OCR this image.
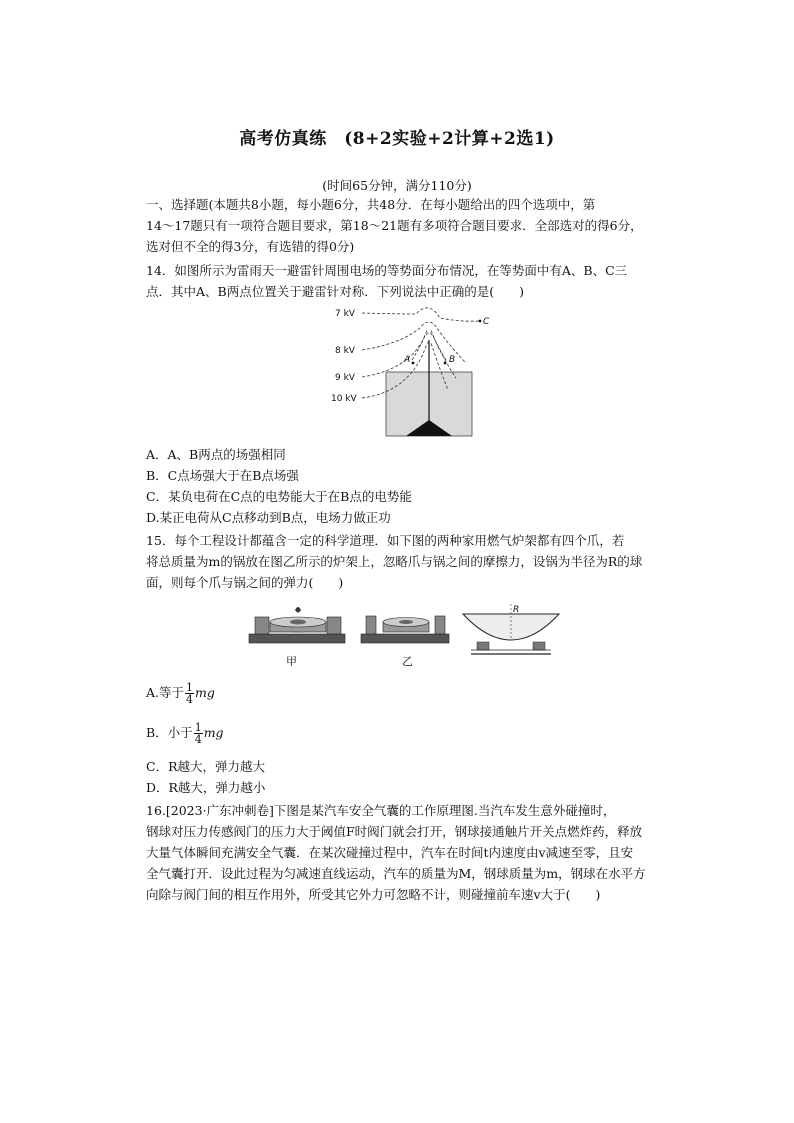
高考仿真练　(8+2实验+2计算+2选1)
(时间65分钟，满分110分)
一、选择题(本题共8小题，每小题6分，共48分．在每小题给出的四个选项中，第
14～17题只有一项符合题目要求，第18～21题有多项符合题目要求．全部选对的得6分，
选对但不全的得3分，有选错的得0分)
14．如图所示为雷雨天一避雷针周围电场的等势面分布情况，在等势面中有A、B、C三
点．其中A、B两点位置关于避雷针对称．下列说法中正确的是(　　)
7 kV
8 kV
9 kV
10 kV
A	B
C
A．A、B两点的场强相同
B．C点场强大于在B点场强
C．某负电荷在C点的电势能大于在B点的电势能
D.某正电荷从C点移动到B点，电场力做正功
15．每个工程设计都蕴含一定的科学道理．如下图的两种家用燃气炉架都有四个爪，若
将总质量为m的锅放在图乙所示的炉架上，忽略爪与锅之间的摩擦力，设锅为半径为R的球
面，则每个爪与锅之间的弹力(　　)
R
甲	乙
A.等于 $\frac{1}{4}$ mg
B．小于 $\frac{1}{4}$ mg
C．R越大，弹力越大
D．R越大，弹力越小
16.[2023·广东冲刺卷]下图是某汽车安全气囊的工作原理图.当汽车发生意外碰撞时，
钢球对压力传感阀门的压力大于阈值F时阀门就会打开，钢球接通触片开关点燃炸药，释放
大量气体瞬间充满安全气囊．在某次碰撞过程中，汽车在时间t内速度由v减速至零，且安
全气囊打开．设此过程为匀减速直线运动，汽车的质量为M，钢球质量为m，钢球在水平方
向除与阀门间的相互作用外，所受其它外力可忽略不计，则碰撞前车速v大于(　　)
